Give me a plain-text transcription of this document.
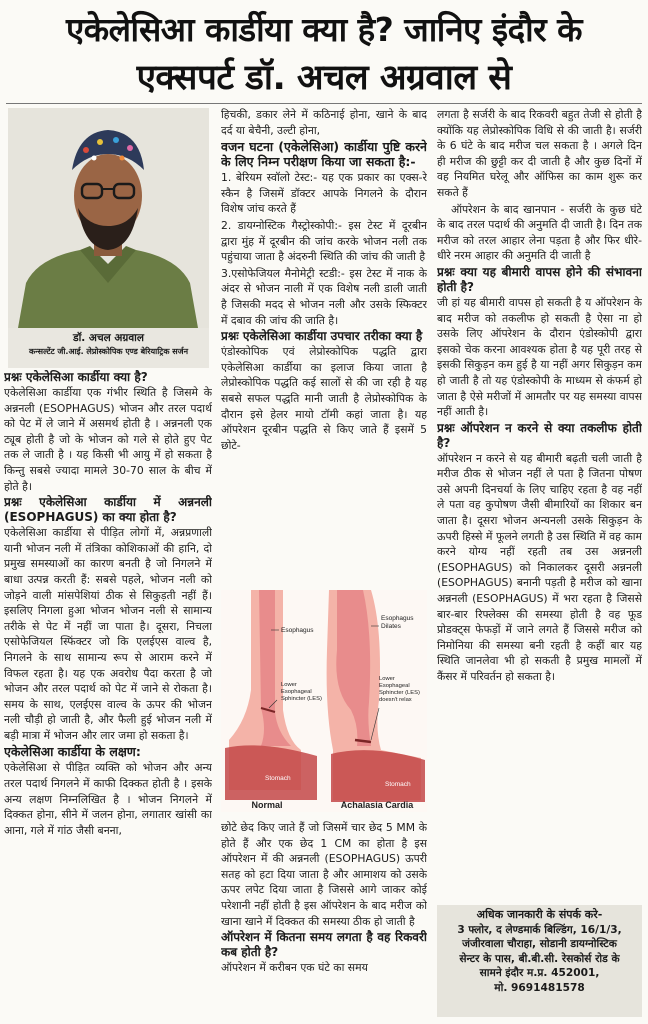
एकेलेसिआ कार्डीया क्या है? जानिए इंदौर के
एक्सपर्ट डॉ. अचल अग्रवाल से
डॉ. अचल अग्रवाल
कन्सल्टेंट जी.आई. लेप्रोस्कोपिक एण्ड बेरियाट्रिक सर्जन

प्रश्नः एकेलेसिआ कार्डीया क्या है?

एकेलेसिआ कार्डीया एक गंभीर स्थिति है जिसमे के अन्ननली (ESOPHAGUS) भोजन और तरल पदार्थ को पेट में ले जाने में असमर्थ होती है । अन्ननली एक ट्यूब होती है जो के भोजन को गले से होते हुए पेट तक ले जाती है । यह किसी भी आयु में हो सकता है किन्तु सबसे ज्यादा मामले 30-70 साल के बीच में होते है।

प्रश्नः एकेलेसिआ कार्डीया में अन्ननली (ESOPHAGUS) का क्या होता है?

एकेलेसिआ कार्डीया से पीड़ित लोगों में, अन्नप्रणाली यानी भोजन नली में तंत्रिका कोशिकाओं की हानि, दो प्रमुख समस्याओं का कारण बनती है जो निगलने में बाधा उत्पन्न करती हैं: सबसे पहले, भोजन नली को जोड़ने वाली मांसपेशियां ठीक से सिकुड़ती नहीं हैं। इसलिए निगला हुआ भोजन भोजन नली से सामान्य तरीके से पेट में नहीं जा पाता है। दूसरा, निचला एसोफेजियल स्फिंक्टर जो कि एलईएस वाल्व है, निगलने के साथ सामान्य रूप से आराम करने में विफल रहता है। यह एक अवरोध पैदा करता है जो भोजन और तरल पदार्थ को पेट में जाने से रोकता है। समय के साथ, एलईएस वाल्व के ऊपर की भोजन नली चौड़ी हो जाती है, और फैली हुई भोजन नली में बड़ी मात्रा में भोजन और लार जमा हो सकता है।

एकेलेसिआ कार्डीया के लक्षण:

एकेलेसिआ से पीड़ित व्यक्ति को भोजन और अन्य तरल पदार्थ निगलने में काफी दिक्कत होती है । इसके अन्य लक्षण निम्नलिखित है । भोजन निगलने में दिक्कत होना, सीने में जलन होना, लगातार खांसी का आना, गले में गांठ जैसी बनना,

हिचकी, डकार लेने में कठिनाई होना, खाने के बाद दर्द या बेचैनी, उल्टी होना,

वजन घटना (एकेलेसिआ) कार्डीया पुष्टि करने के लिए निम्न परीक्षण किया जा सकता है:-

1. बेरियम स्वॉलो टेस्ट:- यह एक प्रकार का एक्स-रे स्कैन है जिसमें डॉक्टर आपके निगलने के दौरान विशेष जांच करते हैं

2. डायग्नोस्टिक गैस्ट्रोस्कोपी:- इस टेस्ट में दूरबीन द्वारा मुंह में दूरबीन की जांच करके भोजन नली तक पहुंचाया जाता है अंदरुनी स्थिति की जांच की जाती है

3.एसोफेजियल मैनोमेट्री स्टडी:- इस टेस्ट में नाक के अंदर से भोजन नाली में एक विशेष नली डाली जाती है जिसकी मदद से भोजन नली और उसके स्फिक्टर में दबाव की जांच की जाति है।

प्रश्नः एकेलेसिआ कार्डीया उपचार तरीका क्या है

एंडोस्कोपिक एवं लेप्रोस्कोपिक पद्धति द्वारा एकेलेसिआ कार्डीया का इलाज किया जाता है लेप्रोस्कोपिक पद्धति कई सालों से की जा रही है यह सबसे सफल पद्धति मानी जाती है लेप्रोस्कोपिक के दौरान इसे हेलर मायो टॉमी कहां जाता है। यह ऑपरेशन दूरबीन पद्धति से किए जाते हैं इसमें 5 छोटे-

Esophagus
Lower
Esophageal
Sphincter (LES)
Stomach
Esophagus
Dilates
Lower
Esophageal
Sphincter (LES)
doesn't relax
Stomach
Normal	Achalasia Cardia

छोटे छेद किए जाते हैं जो जिसमें चार छेद 5 MM के होते हैं और एक छेद 1 CM का होता है इस ऑपरेशन में की अन्ननली (ESOPHAGUS) ऊपरी सतह को हटा दिया जाता है और आमाशय को उसके ऊपर लपेट दिया जाता है जिससे आगे जाकर कोई परेशानी नहीं होती है इस ऑपरेशन के बाद मरीज को खाना खाने में दिक्कत की समस्या ठीक हो जाती है

ऑपरेशन में कितना समय लगता है वह रिकवरी कब होती है?

ऑपरेशन में करीबन एक घंटे का समय

लगता है सर्जरी के बाद रिकवरी बहुत तेजी से होती है क्योंकि यह लेप्रोस्कोपिक विधि से की जाती है। सर्जरी के 6 घंटे के बाद मरीज चल सकता है । अगले दिन ही मरीज की छुट्टी कर दी जाती है और कुछ दिनों में वह नियमित घरेलू और ऑफिस का काम शुरू कर सकते हैं

ऑपरेशन के बाद खानपान - सर्जरी के कुछ घंटे के बाद तरल पदार्थ की अनुमति दी जाती है। दिन तक मरीज को तरल आहार लेना पड़ता है और फिर धीरे-धीरे नरम आहार की अनुमति दी जाती है

प्रश्नः क्या यह बीमारी वापस होने की संभावना होती है?

जी हां यह बीमारी वापस हो सकती है य ऑपरेशन के बाद मरीज को तकलीफ हो सकती है ऐसा ना हो उसके लिए ऑपरेशन के दौरान एंडोस्कोपी द्वारा इसको चेक करना आवश्यक होता है यह पूरी तरह से इसकी सिकुड़न कम हुई है या नहीं अगर सिकुड़न कम हो जाती है तो यह एंडोस्कोपी के माध्यम से कंफर्म हो जाता है ऐसे मरीजों में आमतौर पर यह समस्या वापस नहीं आती है।

प्रश्नः ऑपरेशन न करने से क्या तकलीफ होती है?

ऑपरेशन न करने से यह बीमारी बढ़ती चली जाती है मरीज ठीक से भोजन नहीं ले पता है जितना पोषण उसे अपनी दिनचर्या के लिए चाहिए रहता है वह नहीं ले पता वह कुपोषण जैसी बीमारियों का शिकार बन जाता है। दूसरा भोजन अन्यनली उसके सिकुड़न के ऊपरी हिस्से में फूलने लगती है उस स्थिति में वह काम करने योग्य नहीं रहती तब उस अन्ननली (ESOPHAGUS) को निकालकर दूसरी अन्ननली (ESOPHAGUS) बनानी पड़ती है मरीज को खाना अन्ननली (ESOPHAGUS) में भरा रहता है जिससे बार-बार रिफ्लेक्स की समस्या होती है वह फूड प्रोडक्ट्स फेफड़ों में जाने लगते हैं जिससे मरीज को निमोनिया की समस्या बनी रहती है कहीं बार यह स्थिति जानलेवा भी हो सकती है प्रमुख मामलों में कैंसर में परिवर्तन हो सकता है।

अधिक जानकारी के संपर्क करे-
3 फ्लोर, द लेण्डमार्क बिल्डिंग, 16/1/3,
जंजीरवाला चौराहा, सोडानी डायग्नोस्टिक
सेन्टर के पास, बी.बी.सी. रेसकोर्स रोड के
सामने इंदौर म.प्र. 452001,
मो. 9691481578
